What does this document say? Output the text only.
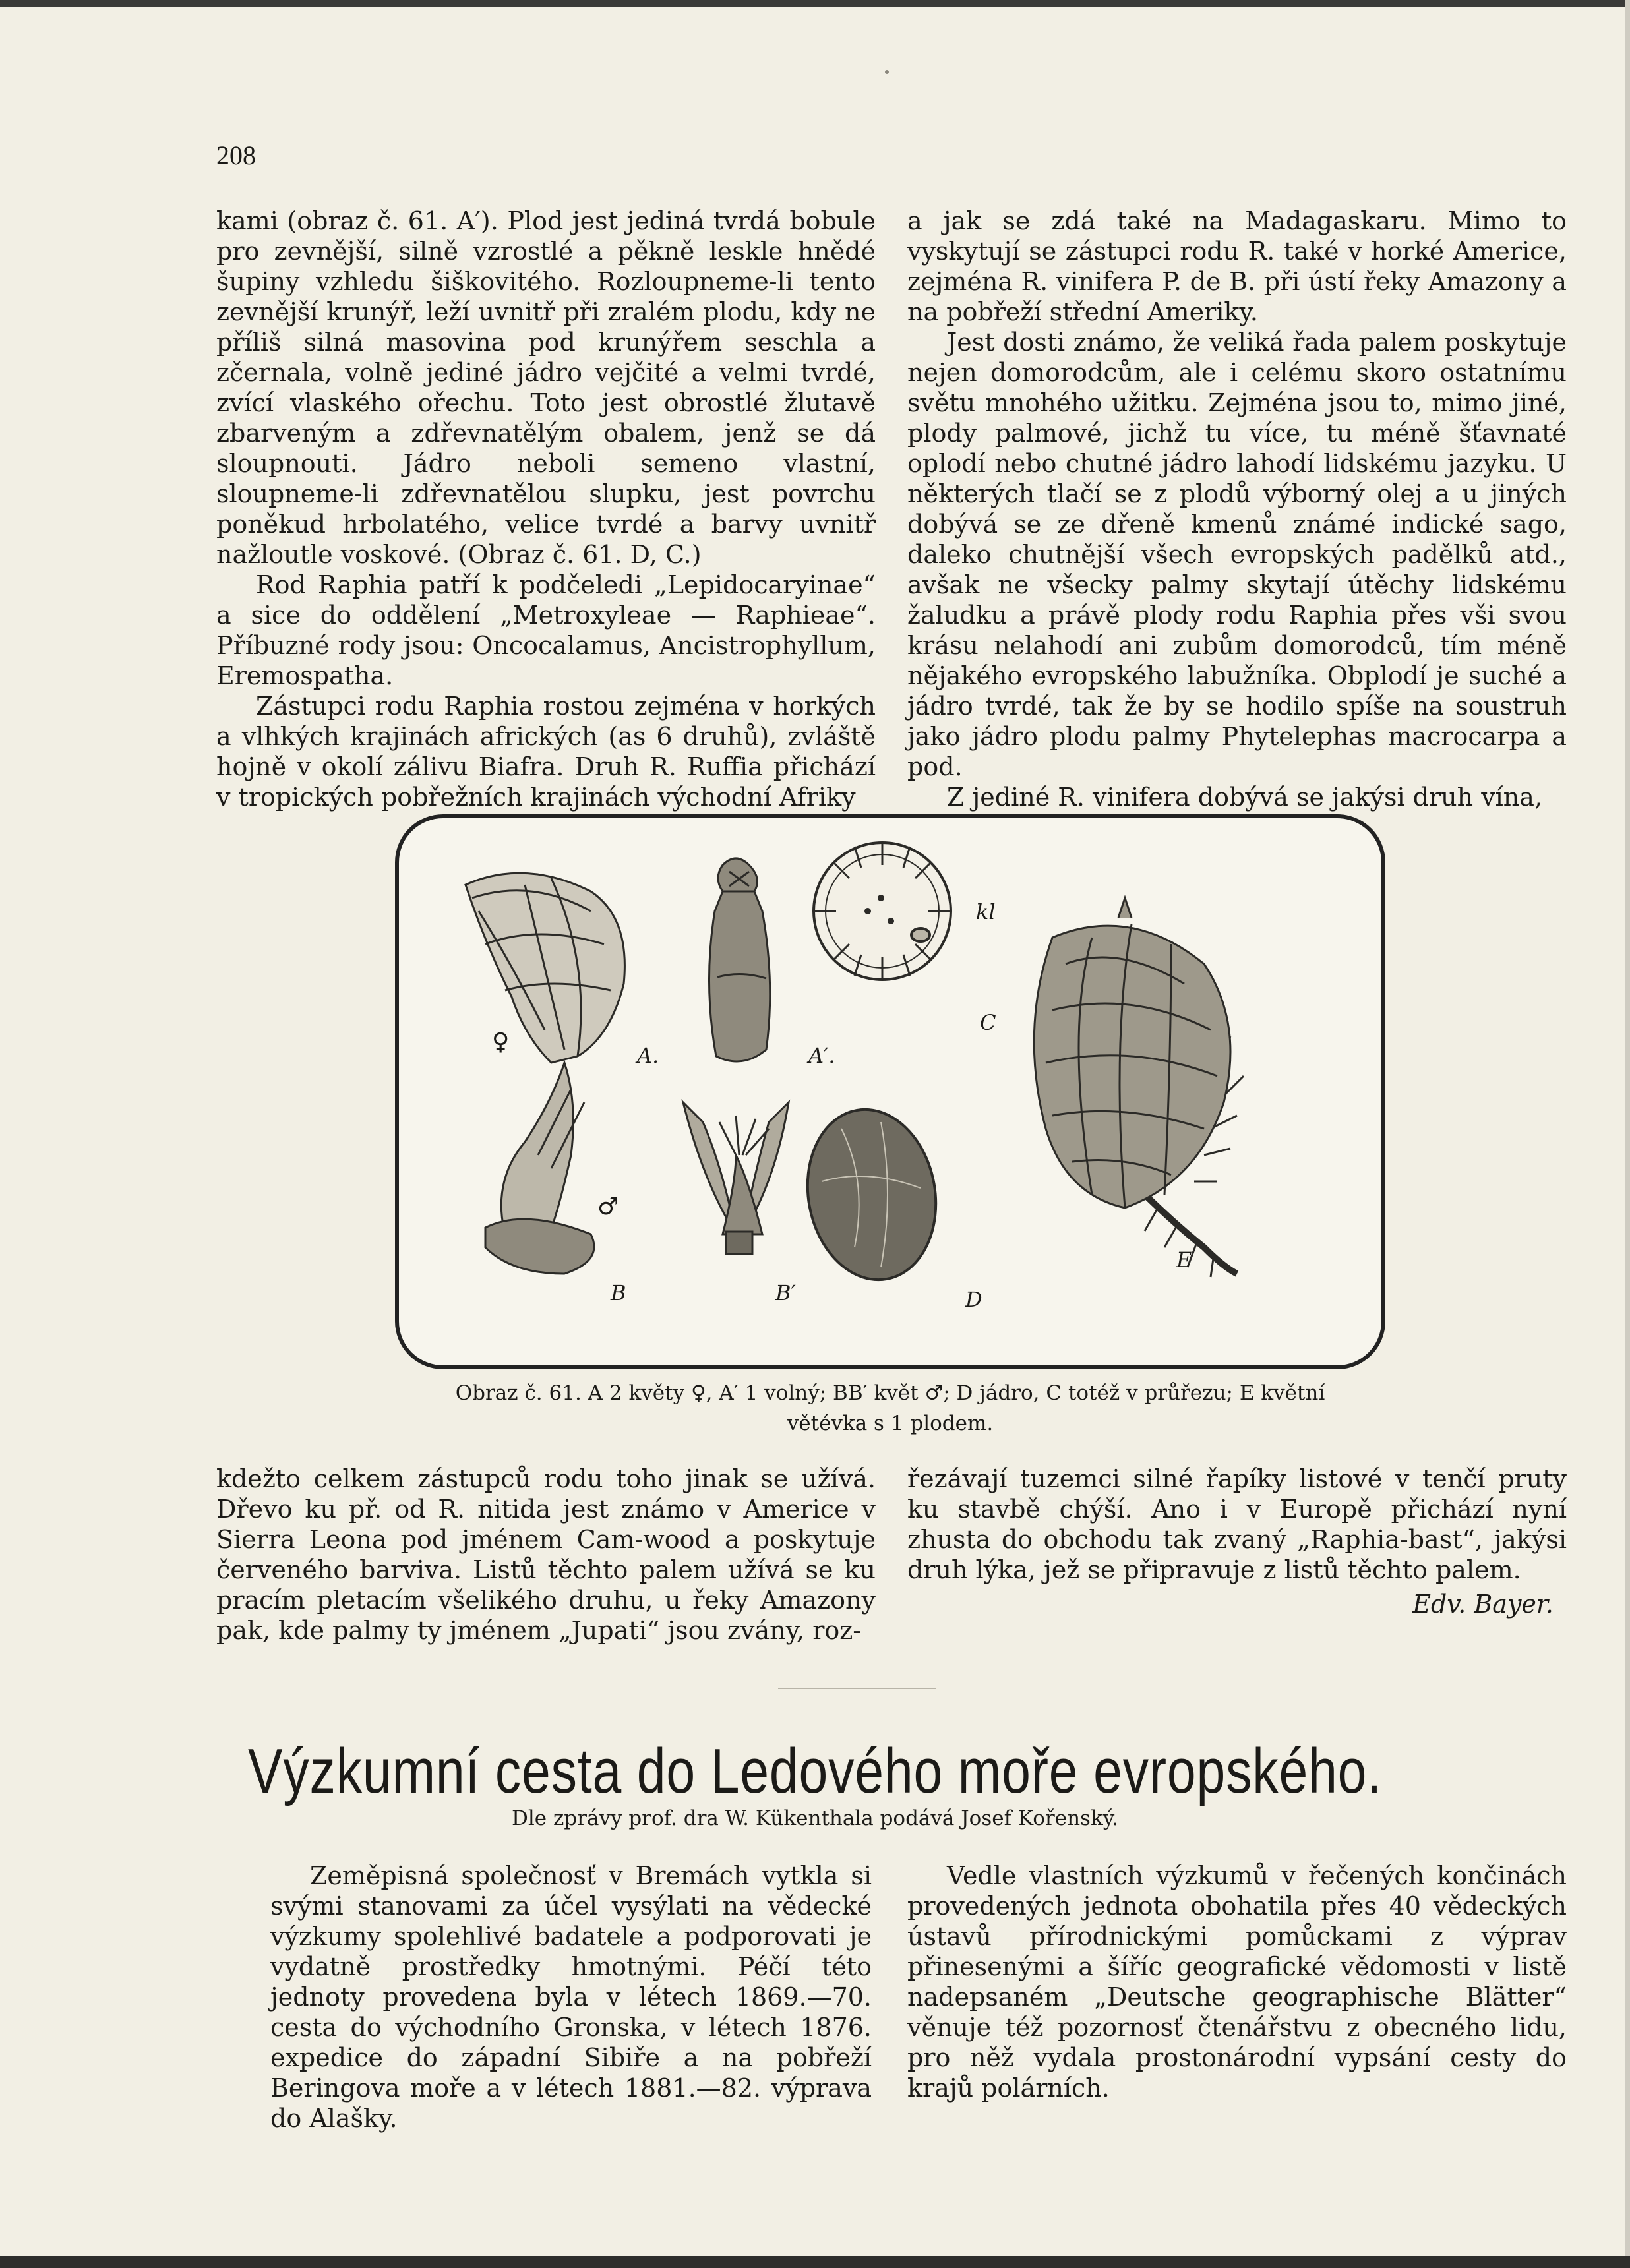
208

kami (obraz č. 61. A′). Plod jest jediná tvrdá bobule pro zevnější, silně vzrostlé a pěkně leskle hnědé šupiny vzhledu šiškovitého. Rozloupneme-li tento zevnější krunýř, leží uvnitř při zralém plodu, kdy ne příliš silná masovina pod krunýřem seschla a zčernala, volně jediné jádro vejčité a velmi tvrdé, zvící vlaského ořechu. Toto jest obrostlé žlutavě zbarveným a zdřevnatělým obalem, jenž se dá sloupnouti. Jádro neboli semeno vlastní, sloupneme-li zdřevnatělou slupku, jest povrchu poněkud hrbolatého, velice tvrdé a barvy uvnitř nažloutle voskové. (Obraz č. 61. D, C.)

Rod Raphia patří k podčeledi „Lepidocaryinae“ a sice do oddělení „Metroxyleae — Raphieae“. Příbuzné rody jsou: Oncocalamus, Ancistrophyllum, Eremospatha.

Zástupci rodu Raphia rostou zejména v horkých a vlhkých krajinách afrických (as 6 druhů), zvláště hojně v okolí zálivu Biafra. Druh R. Ruffia přichází v tropických pobřežních krajinách východní Afriky

a jak se zdá také na Madagaskaru. Mimo to vyskytují se zástupci rodu R. také v horké Americe, zejména R. vinifera P. de B. při ústí řeky Amazony a na pobřeží střední Ameriky.

Jest dosti známo, že veliká řada palem poskytuje nejen domorodcům, ale i celému skoro ostatnímu světu mnohého užitku. Zejména jsou to, mimo jiné, plody palmové, jichž tu více, tu méně šťavnaté oplodí nebo chutné jádro lahodí lidskému jazyku. U některých tlačí se z plodů výborný olej a u jiných dobývá se ze dřeně kmenů známé indické sago, daleko chutnější všech evropských padělků atd., avšak ne všecky palmy skytají útěchy lidskému žaludku a právě plody rodu Raphia přes vši svou krásu nelahodí ani zubům domorodců, tím méně nějakého evropského labužníka. Obplodí je suché a jádro tvrdé, tak že by se hodilo spíše na soustruh jako jádro plodu palmy Phytelephas macrocarpa a pod.

Z jediné R. vinifera dobývá se jakýsi druh vína,

A.	A′.
kl
C
B	B′	D
E
♀
♂
Obraz č. 61. A 2 květy ♀, A′ 1 volný; BB′ květ ♂; D jádro, C totéž v průřezu; E květní
větévka s 1 plodem.

kdežto celkem zástupců rodu toho jinak se užívá. Dřevo ku př. od R. nitida jest známo v Americe v Sierra Leona pod jménem Cam-wood a poskytuje červeného barviva. Listů těchto palem užívá se ku pracím pletacím všelikého druhu, u řeky Amazony pak, kde palmy ty jménem „Jupati“ jsou zvány, roz-

řezávají tuzemci silné řapíky listové v tenčí pruty ku stavbě chýší. Ano i v Europě přichází nyní zhusta do obchodu tak zvaný „Raphia-bast“, jakýsi druh lýka, jež se připravuje z listů těchto palem.

Edv. Bayer.

Výzkumní cesta do Ledového moře evropského.
Dle zprávy prof. dra W. Kükenthala podává Josef Kořenský.

Zeměpisná společnosť v Bremách vytkla si svými stanovami za účel vysýlati na vědecké výzkumy spolehlivé badatele a podporovati je vydatně prostředky hmotnými. Péčí této jednoty provedena byla v létech 1869.—70. cesta do východního Gronska, v létech 1876. expedice do západní Sibiře a na pobřeží Beringova moře a v létech 1881.—82. výprava do Alašky.

Vedle vlastních výzkumů v řečených končinách provedených jednota obohatila přes 40 vědeckých ústavů přírodnickými pomůckami z výprav přinesenými a šíříc geografické vědomosti v listě nadepsaném „Deutsche geographische Blätter“ věnuje též pozornosť čtenářstvu z obecného lidu, pro něž vydala prostonárodní vypsání cesty do krajů polárních.
